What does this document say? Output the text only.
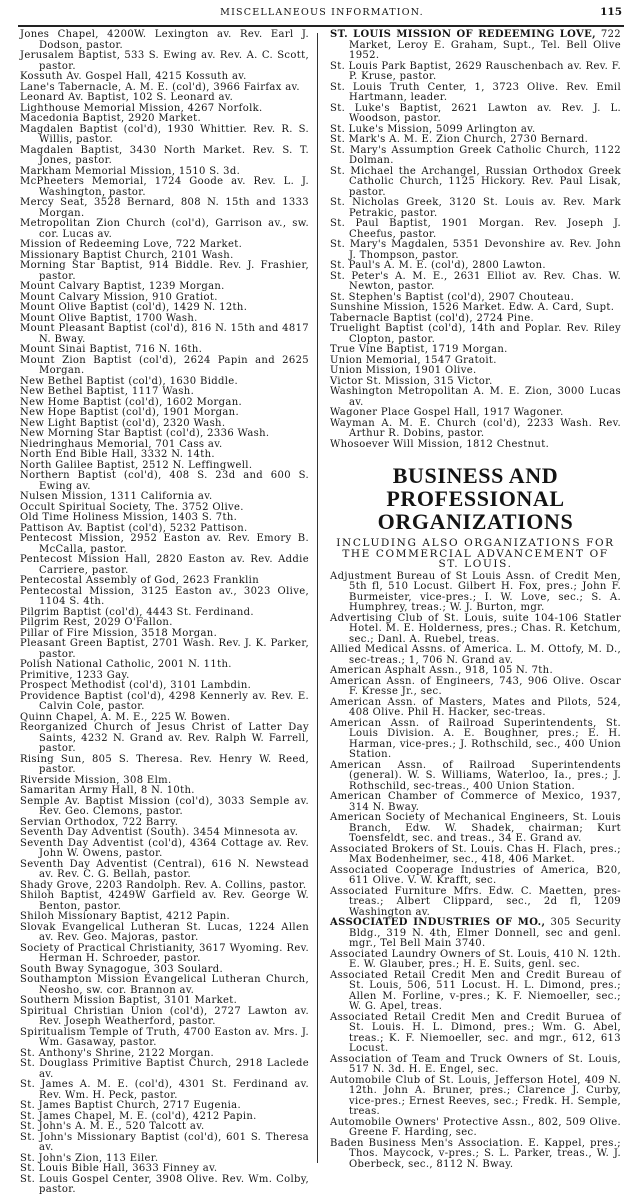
MISCELLANEOUS INFORMATION.	115

Jones Chapel, 4200W. Lexington av. Rev. Earl J. Dodson, pastor.

Jerusalem Baptist, 533 S. Ewing av. Rev. A. C. Scott, pastor.

Kossuth Av. Gospel Hall, 4215 Kossuth av.

Lane's Tabernacle, A. M. E. (col'd), 3966 Fairfax av.

Leonard Av. Baptist, 102 S. Leonard av.

Lighthouse Memorial Mission, 4267 Norfolk.

Macedonia Baptist, 2920 Market.

Magdalen Baptist (col'd), 1930 Whittier. Rev. R. S. Willis, pastor.

Magdalen Baptist, 3430 North Market. Rev. S. T. Jones, pastor.

Markham Memorial Mission, 1510 S. 3d.

McPheeters Memorial, 1724 Goode av. Rev. L. J. Washington, pastor.

Mercy Seat, 3528 Bernard, 808 N. 15th and 1333 Morgan.

Metropolitan Zion Church (col'd), Garrison av., sw. cor. Lucas av.

Mission of Redeeming Love, 722 Market.

Missionary Baptist Church, 2101 Wash.

Morning Star Baptist, 914 Biddle. Rev. J. Frashier, pastor.

Mount Calvary Baptist, 1239 Morgan.

Mount Calvary Mission, 910 Gratiot.

Mount Olive Baptist (col'd), 1429 N. 12th.

Mount Olive Baptist, 1700 Wash.

Mount Pleasant Baptist (col'd), 816 N. 15th and 4817 N. Bway.

Mount Sinai Baptist, 716 N. 16th.

Mount Zion Baptist (col'd), 2624 Papin and 2625 Morgan.

New Bethel Baptist (col'd), 1630 Biddle.

New Bethel Baptist, 1117 Wash.

New Home Baptist (col'd), 1602 Morgan.

New Hope Baptist (col'd), 1901 Morgan.

New Light Baptist (col'd), 2320 Wash.

New Morning Star Baptist (col'd), 2336 Wash.

Niedringhaus Memorial, 701 Cass av.

North End Bible Hall, 3332 N. 14th.

North Galilee Baptist, 2512 N. Leffingwell.

Northern Baptist (col'd), 408 S. 23d and 600 S. Ewing av.

Nulsen Mission, 1311 California av.

Occult Spiritual Society, The. 3752 Olive.

Old Time Holiness Mission, 1403 S. 7th.

Pattison Av. Baptist (col'd), 5232 Pattison.

Pentecost Mission, 2952 Easton av. Rev. Emory B. McCalla, pastor.

Pentecost Mission Hall, 2820 Easton av. Rev. Addie Carriere, pastor.

Pentecostal Assembly of God, 2623 Franklin

Pentecostal Mission, 3125 Easton av., 3023 Olive, 1104 S. 4th.

Pilgrim Baptist (col'd), 4443 St. Ferdinand.

Pilgrim Rest, 2029 O'Fallon.

Pillar of Fire Mission, 3518 Morgan.

Pleasant Green Baptist, 2701 Wash. Rev. J. K. Parker, pastor.

Polish National Catholic, 2001 N. 11th.

Primitive, 1233 Gay.

Prospect Methodist (col'd), 3101 Lambdin.

Providence Baptist (col'd), 4298 Kennerly av. Rev. E. Calvin Cole, pastor.

Quinn Chapel, A. M. E., 225 W. Bowen.

Reorganized Church of Jesus Christ of Latter Day Saints, 4232 N. Grand av. Rev. Ralph W. Farrell, pastor.

Rising Sun, 805 S. Theresa. Rev. Henry W. Reed, pastor.

Riverside Mission, 308 Elm.

Samaritan Army Hall, 8 N. 10th.

Semple Av. Baptist Mission (col'd), 3033 Semple av. Rev. Geo. Clemons, pastor.

Servian Orthodox, 722 Barry.

Seventh Day Adventist (South). 3454 Minnesota av.

Seventh Day Adventist (col'd), 4364 Cottage av. Rev. John W. Owens, pastor.

Seventh Day Adventist (Central), 616 N. Newstead av. Rev. C. G. Bellah, pastor.

Shady Grove, 2203 Randolph. Rev. A. Collins, pastor.

Shiloh Baptist, 4249W Garfield av. Rev. George W. Benton, pastor.

Shiloh Missionary Baptist, 4212 Papin.

Slovak Evangelical Lutheran St. Lucas, 1224 Allen av. Rev. Geo. Majoras, pastor.

Society of Practical Christianity, 3617 Wyoming. Rev. Herman H. Schroeder, pastor.

South Bway Synagogue, 303 Soulard.

Southampton Mission Evangelical Lutheran Church, Neosho, sw. cor. Brannon av.

Southern Mission Baptist, 3101 Market.

Spiritual Christian Union (col'd), 2727 Lawton av. Rev. Joseph Weatherford, pastor.

Spiritualism Temple of Truth, 4700 Easton av. Mrs. J. Wm. Gasaway, pastor.

St. Anthony's Shrine, 2122 Morgan.

St. Douglass Primitive Baptist Church, 2918 Laclede av.

St. James A. M. E. (col'd), 4301 St. Ferdinand av. Rev. Wm. H. Peck, pastor.

St. James Baptist Church, 2717 Eugenia.

St. James Chapel, M. E. (col'd), 4212 Papin.

St. John's A. M. E., 520 Talcott av.

St. John's Missionary Baptist (col'd), 601 S. Theresa av.

St. John's Zion, 113 Eiler.

St. Louis Bible Hall, 3633 Finney av.

St. Louis Gospel Center, 3908 Olive. Rev. Wm. Colby, pastor.

ST. LOUIS MISSION OF REDEEMING LOVE, 722 Market, Leroy E. Graham, Supt., Tel. Bell Olive 1952.

St. Louis Park Baptist, 2629 Rauschenbach av. Rev. F. P. Kruse, pastor.

St. Louis Truth Center, 1, 3723 Olive. Rev. Emil Hartmann, leader.

St. Luke's Baptist, 2621 Lawton av. Rev. J. L. Woodson, pastor.

St. Luke's Mission, 5099 Arlington av.

St. Mark's A. M. E. Zion Church, 2730 Bernard.

St. Mary's Assumption Greek Catholic Church, 1122 Dolman.

St. Michael the Archangel, Russian Orthodox Greek Catholic Church, 1125 Hickory. Rev. Paul Lisak, pastor.

St. Nicholas Greek, 3120 St. Louis av. Rev. Mark Petrakic, pastor.

St. Paul Baptist, 1901 Morgan. Rev. Joseph J. Cheefus, pastor.

St. Mary's Magdalen, 5351 Devonshire av. Rev. John J. Thompson, pastor.

St. Paul's A. M. E. (col'd), 2800 Lawton.

St. Peter's A. M. E., 2631 Elliot av. Rev. Chas. W. Newton, pastor.

St. Stephen's Baptist (col'd), 2907 Chouteau.

Sunshine Mission, 1526 Market. Edw. A. Card, Supt.

Tabernacle Baptist (col'd), 2724 Pine.

Truelight Baptist (col'd), 14th and Poplar. Rev. Riley Clopton, pastor.

True Vine Baptist, 1719 Morgan.

Union Memorial, 1547 Gratoit.

Union Mission, 1901 Olive.

Victor St. Mission, 315 Victor.

Washington Metropolitan A. M. E. Zion, 3000 Lucas av.

Wagoner Place Gospel Hall, 1917 Wagoner.

Wayman A. M. E. Church (col'd), 2233 Wash. Rev. Arthur R. Dobins, pastor.

Whosoever Will Mission, 1812 Chestnut.

BUSINESS AND PROFESSIONAL ORGANIZATIONS
INCLUDING ALSO ORGANIZATIONS FOR THE COMMERCIAL ADVANCEMENT OF ST. LOUIS.

Adjustment Bureau of St Louis Assn. of Credit Men, 5th fl, 510 Locust. Gilbert H. Fox, pres.; John F. Burmeister, vice-pres.; I. W. Love, sec.; S. A. Humphrey, treas.; W. J. Burton, mgr.

Advertising Club of St. Louis, suite 104-106 Statler Hotel. M. E. Holderness, pres.; Chas. R. Ketchum, sec.; Danl. A. Ruebel, treas.

Allied Medical Assns. of America. L. M. Ottofy, M. D., sec-treas.; 1, 706 N. Grand av.

American Asphalt Assn., 918, 105 N. 7th.

American Assn. of Engineers, 743, 906 Olive. Oscar F. Kresse Jr., sec.

American Assn. of Masters, Mates and Pilots, 524, 408 Olive. Phil H. Hacker, sec-treas.

American Assn. of Railroad Superintendents, St. Louis Division. A. E. Boughner, pres.; E. H. Harman, vice-pres.; J. Rothschild, sec., 400 Union Station.

American Assn. of Railroad Superintendents (general). W. S. Williams, Waterloo, Ia., pres.; J. Rothschild, sec-treas., 400 Union Station.

American Chamber of Commerce of Mexico, 1937, 314 N. Bway.

American Society of Mechanical Engineers, St. Louis Branch, Edw. W. Shadek, chairman; Kurt Toensfeldt, sec. and treas., 34 E. Grand av.

Associated Brokers of St. Louis. Chas H. Flach, pres.; Max Bodenheimer, sec., 418, 406 Market.

Associated Cooperage Industries of America, B20, 611 Olive. V. W. Krafft, sec.

Associated Furniture Mfrs. Edw. C. Maetten, pres-treas.; Albert Clippard, sec., 2d fl, 1209 Washington av.

ASSOCIATED INDUSTRIES OF MO., 305 Security Bldg., 319 N. 4th, Elmer Donnell, sec and genl. mgr., Tel Bell Main 3740.

Associated Laundry Owners of St. Louis, 410 N. 12th. E. W. Glauber, pres.; H. E. Suits, genl. sec.

Associated Retail Credit Men and Credit Bureau of St. Louis, 506, 511 Locust. H. L. Dimond, pres.; Allen M. Forline, v-pres.; K. F. Niemoeller, sec.; W. G. Apel, treas.

Associated Retail Credit Men and Credit Buruea of St. Louis. H. L. Dimond, pres.; Wm. G. Abel, treas.; K. F. Niemoeller, sec. and mgr., 612, 613 Locust.

Association of Team and Truck Owners of St. Louis, 517 N. 3d. H. E. Engel, sec.

Automobile Club of St. Louis, Jefferson Hotel, 409 N. 12th. John A. Bruner, pres.; Clarence J. Curby, vice-pres.; Ernest Reeves, sec.; Fredk. H. Semple, treas.

Automobile Owners' Protective Assn., 802, 509 Olive. Greene F. Harding, sec.

Baden Business Men's Association. E. Kappel, pres.; Thos. Maycock, v-pres.; S. L. Parker, treas., W. J. Oberbeck, sec., 8112 N. Bway.
